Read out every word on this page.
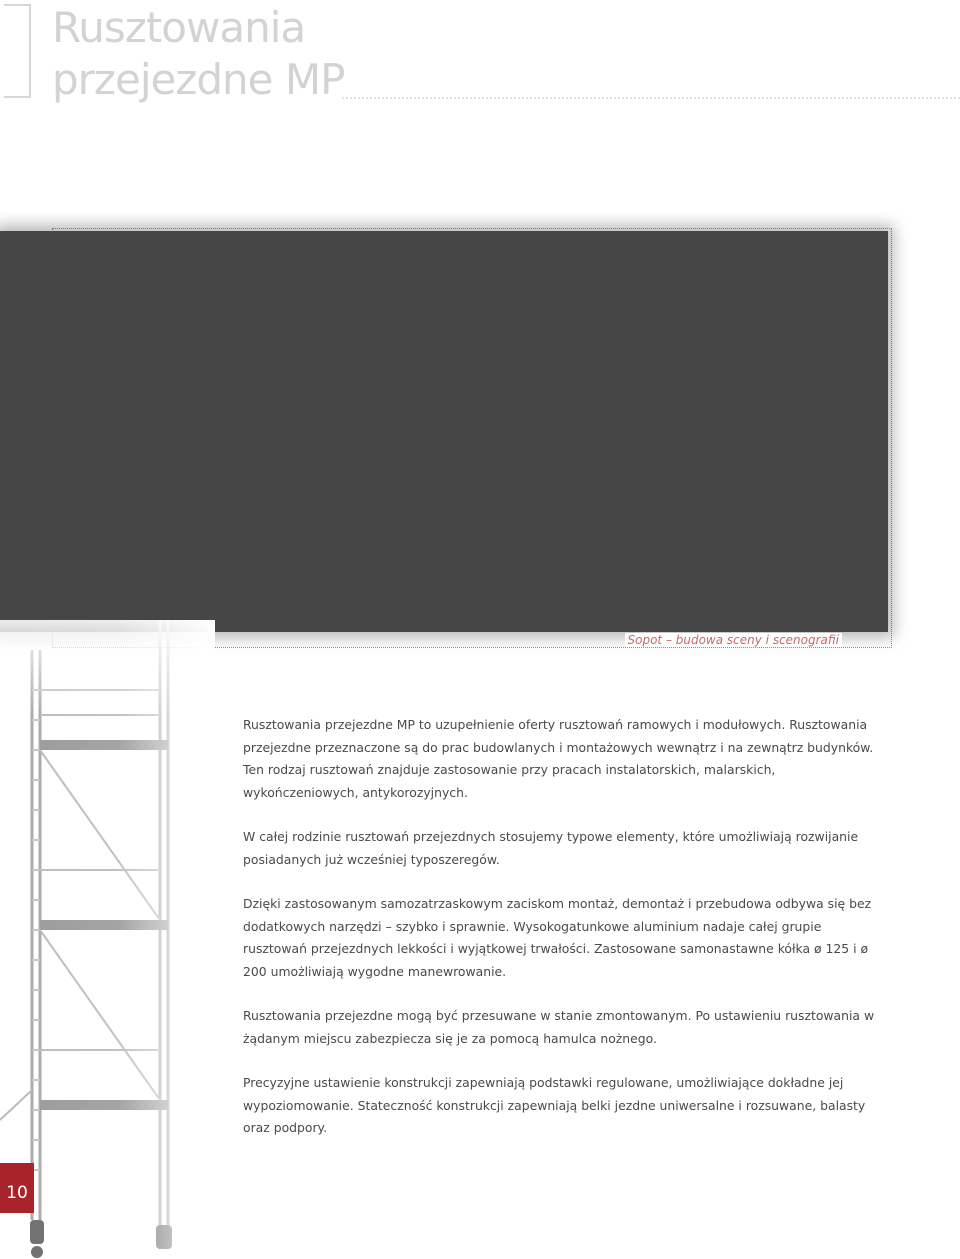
Rusztowania
przejezdne MP
Sopot – budowa sceny i scenografii

Rusztowania przejezdne MP to uzupełnienie oferty rusztowań ramowych i modułowych. Rusztowania przejezdne przeznaczone są do prac budowlanych i montażowych wewnątrz i na zewnątrz budynków. Ten rodzaj rusztowań znajduje zastosowanie przy pracach instalatorskich, malarskich, wykończeniowych, antykorozyjnych.

W całej rodzinie rusztowań przejezdnych stosujemy typowe elementy, które umożliwiają rozwijanie posiadanych już wcześniej typoszeregów.

Dzięki zastosowanym samozatrzaskowym zaciskom montaż, demontaż i przebudowa odbywa się bez dodatkowych narzędzi – szybko i sprawnie. Wysokogatunkowe aluminium nadaje całej grupie rusztowań przejezdnych lekkości i wyjątkowej trwałości. Zastosowane samonastawne kółka ø 125 i ø 200 umożliwiają wygodne manewrowanie.

Rusztowania przejezdne mogą być przesuwane w stanie zmontowanym. Po ustawieniu rusztowania w żądanym miejscu zabezpiecza się je za pomocą hamulca nożnego.

Precyzyjne ustawienie konstrukcji zapewniają podstawki regulowane, umożliwiające dokładne jej wypoziomowanie. Stateczność konstrukcji zapewniają belki jezdne uniwersalne i rozsuwane, balasty oraz podpory.

10
